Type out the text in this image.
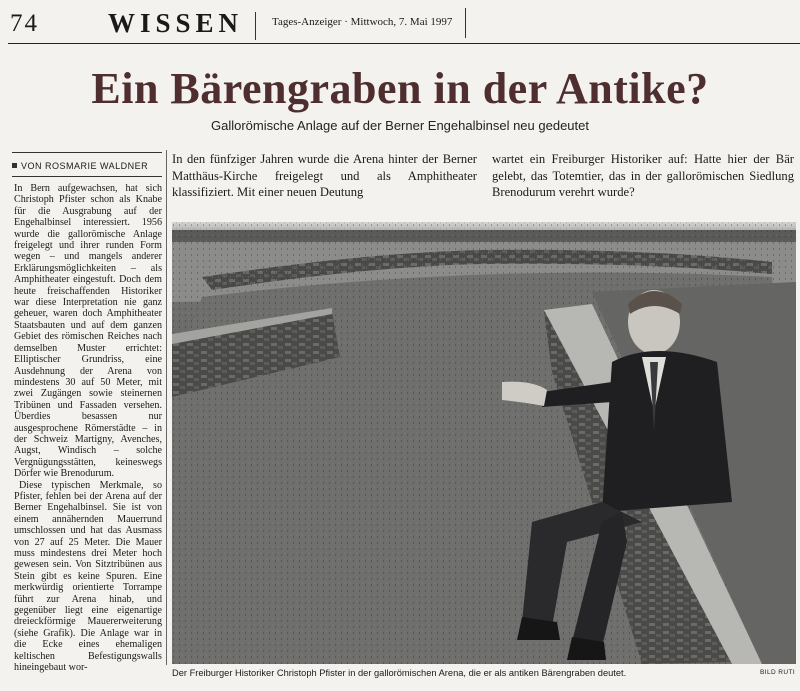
74	WISSEN	Tages-Anzeiger · Mittwoch, 7. Mai 1997
Ein Bärengraben in der Antike?
Gallorömische Anlage auf der Berner Engehalbinsel neu gedeutet
VON ROSMARIE WALDNER

In Bern aufgewachsen, hat sich Christoph Pfister schon als Knabe für die Ausgrabung auf der Engehalbinsel interessiert. 1956 wurde die gallorömische Anlage freigelegt und ihrer runden Form wegen – und mangels anderer Erklärungsmöglichkeiten – als Amphitheater eingestuft. Doch dem heute freischaffenden Historiker war diese Interpretation nie ganz geheuer, waren doch Amphitheater Staatsbauten und auf dem ganzen Gebiet des römischen Reiches nach demselben Muster errichtet: Elliptischer Grundriss, eine Ausdehnung der Arena von mindestens 30 auf 50 Meter, mit zwei Zugängen sowie steinernen Tribünen und Fassaden versehen. Überdies besassen nur ausgesprochene Römerstädte – in der Schweiz Martigny, Avenches, Augst, Windisch – solche Vergnügungsstätten, keineswegs Dörfer wie Brenodurum.

Diese typischen Merkmale, so Pfister, fehlen bei der Arena auf der Berner Engehalbinsel. Sie ist von einem annähernden Mauerrund umschlossen und hat das Ausmass von 27 auf 25 Meter. Die Mauer muss mindestens drei Meter hoch gewesen sein. Von Sitztribünen aus Stein gibt es keine Spuren. Eine merkwürdig orientierte Torrampe führt zur Arena hinab, und gegenüber liegt eine eigenartige dreieckförmige Mauererweiterung (siehe Grafik). Die Anlage war in die Ecke eines ehemaligen keltischen Befestigungswalls hineingebaut wor-

In den fünfziger Jahren wurde die Arena hinter der Berner Matthäus-Kirche freigelegt und als Amphitheater klassifiziert. Mit einer neuen Deutung
wartet ein Freiburger Historiker auf: Hatte hier der Bär gelebt, das Totemtier, das in der gallorömischen Siedlung Brenodurum verehrt wurde?
Der Freiburger Historiker Christoph Pfister in der gallorömischen Arena, die er als antiken Bärengraben deutet.	BILD RUTI
